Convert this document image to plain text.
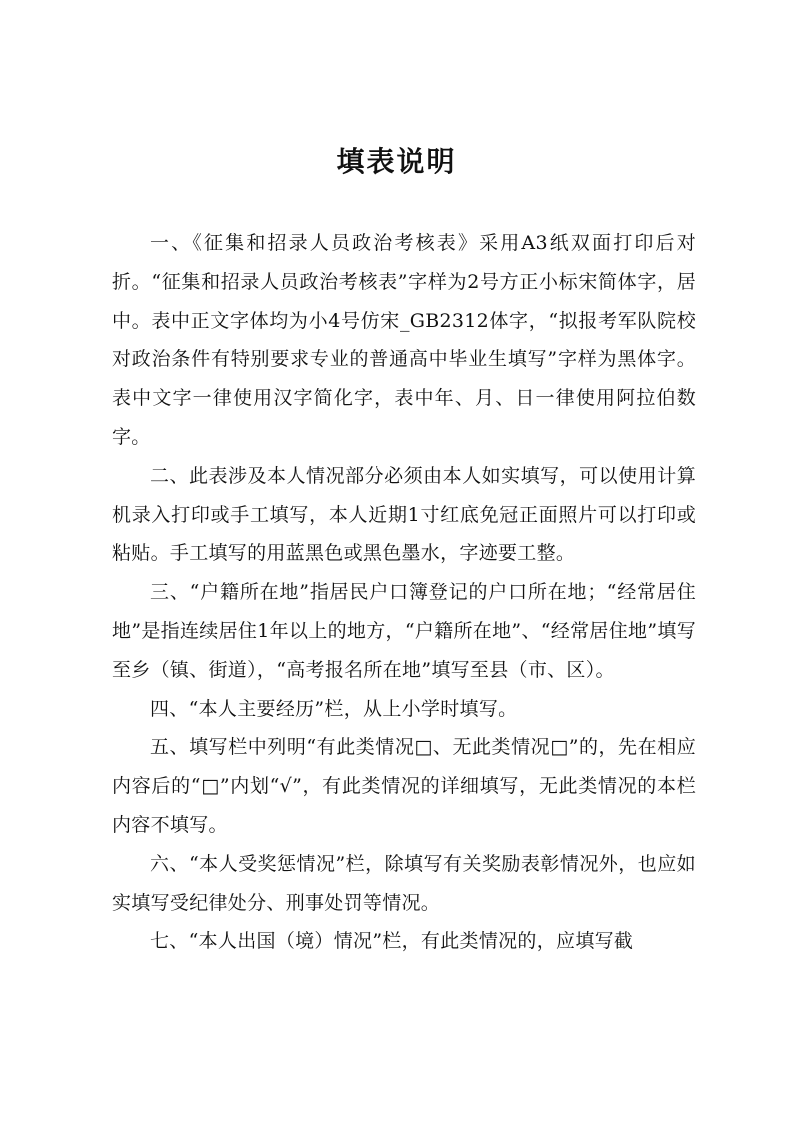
填表说明

一、《征集和招录人员政治考核表》采用A3纸双面打印后对折。“征集和招录人员政治考核表”字样为2号方正小标宋简体字，居中。表中正文字体均为小4号仿宋_GB2312体字，“拟报考军队院校对政治条件有特别要求专业的普通高中毕业生填写”字样为黑体字。表中文字一律使用汉字简化字，表中年、月、日一律使用阿拉伯数字。

二、此表涉及本人情况部分必须由本人如实填写，可以使用计算机录入打印或手工填写，本人近期1寸红底免冠正面照片可以打印或粘贴。手工填写的用蓝黑色或黑色墨水，字迹要工整。

三、“户籍所在地”指居民户口簿登记的户口所在地；“经常居住地”是指连续居住1年以上的地方，“户籍所在地”、“经常居住地”填写至乡（镇、街道），“高考报名所在地”填写至县（市、区）。

四、“本人主要经历”栏，从上小学时填写。

五、填写栏中列明“有此类情况□、无此类情况□”的，先在相应内容后的“□”内划“√”，有此类情况的详细填写，无此类情况的本栏内容不填写。

六、“本人受奖惩情况”栏，除填写有关奖励表彰情况外，也应如实填写受纪律处分、刑事处罚等情况。

七、“本人出国（境）情况”栏，有此类情况的，应填写截
